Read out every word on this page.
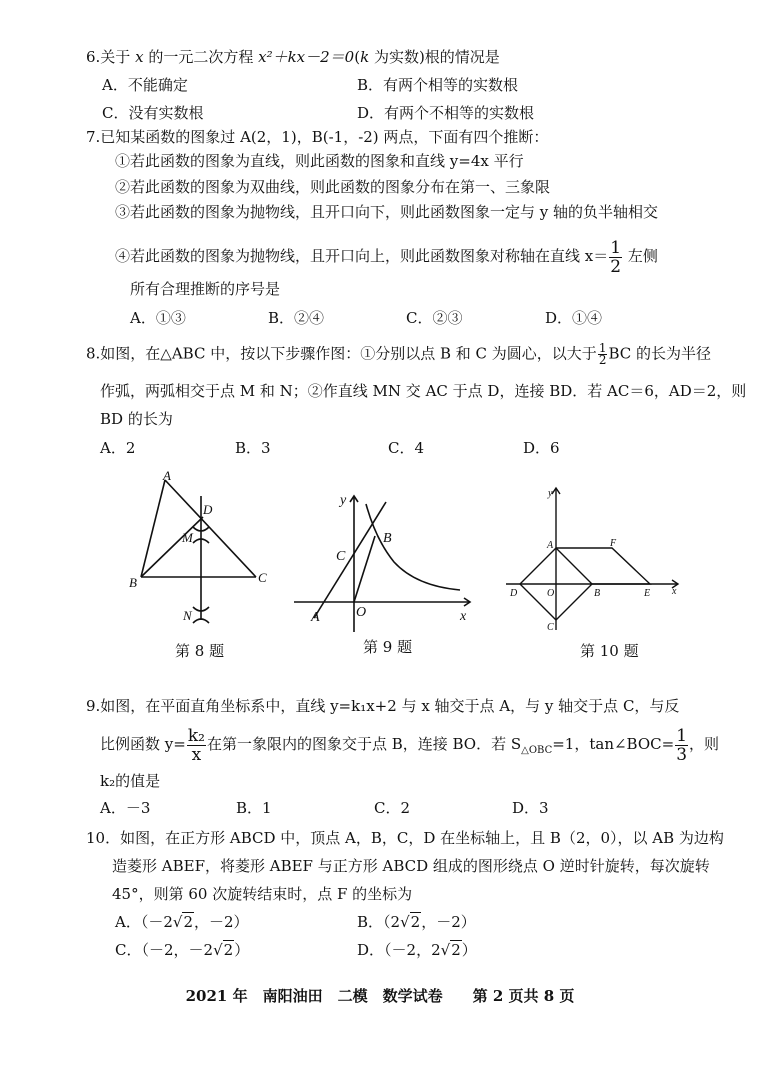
6.关于 x 的一元二次方程 x²＋kx－2＝0(k 为实数)根的情况是
A．不能确定	B．有两个相等的实数根
C．没有实数根	D．有两个不相等的实数根
7.已知某函数的图象过 A(2，1)，B(-1，-2) 两点，下面有四个推断：
①若此函数的图象为直线，则此函数的图象和直线 y=4x 平行
②若此函数的图象为双曲线，则此函数的图象分布在第一、三象限
③若此函数的图象为抛物线，且开口向下，则此函数图象一定与 y 轴的负半轴相交
④若此函数的图象为抛物线，且开口向上，则此函数图象对称轴在直线 $x= \frac{1}{2}$ 左侧
所有合理推断的序号是
A．①③	B．②④	C．②③	D．①④
8.如图，在△ABC 中，按以下步骤作图：①分别以点 B 和 C 为圆心，以大于 $\frac{1}{2}$ BC 的长为半径
作弧，两弧相交于点 M 和 N；②作直线 MN 交 AC 于点 D，连接 BD．若 AC＝6，AD＝2，则
BD 的长为
A．2	B．3	C．4	D．6
A
B	C
D
M
N
第 8 题
y
x
A	O
B
C
第 9 题
y
x
A	F
D	O	B	E
C
第 10 题
9.如图，在平面直角坐标系中，直线 y=k₁x+2 与 x 轴交于点 A，与 y 轴交于点 C，与反
比例函数 $y= \frac{\text{k₂}}{x}$ 在第一象限内的图象交于点 B，连接 BO．若 $S_{\triangle OBC}=1$，tan∠BOC= $\frac{1}{3}$ ，则
k₂的值是
A．－3	B．1	C．2	D．3
10．如图，在正方形 ABCD 中，顶点 A，B，C，D 在坐标轴上，且 B（2，0），以 AB 为边构
造菱形 ABEF，将菱形 ABEF 与正方形 ABCD 组成的图形绕点 O 逆时针旋转，每次旋转
45°，则第 60 次旋转结束时，点 F 的坐标为
A．（－2√2，－2）	B．（2√2，－2）
C．（－2，－2√2）	D．（－2，2√2）
2021 年　南阳油田　二模　数学试卷　　第 2 页共 8 页
